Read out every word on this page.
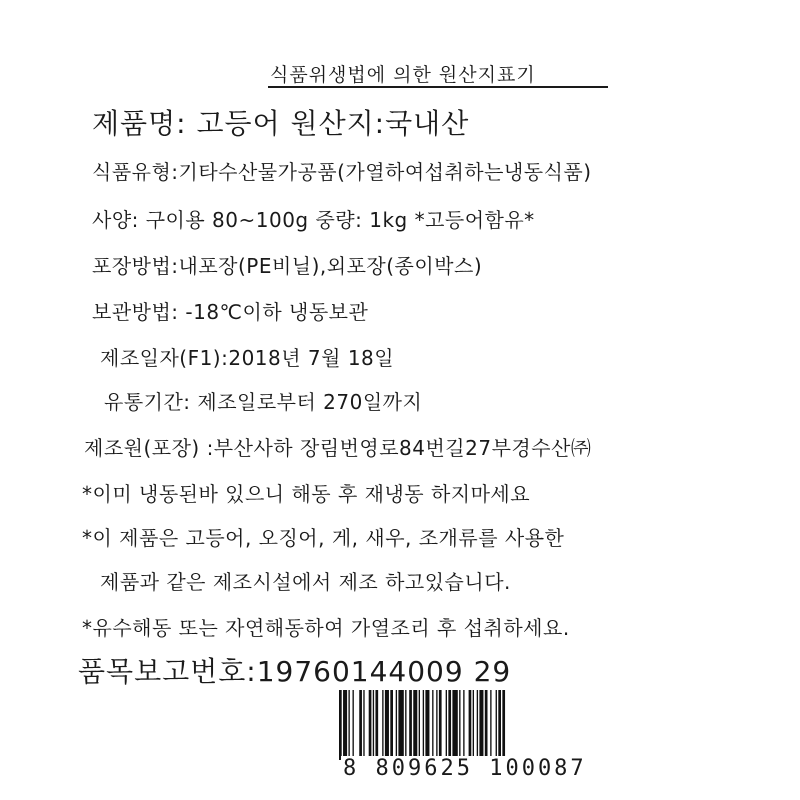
식품위생법에 의한 원산지표기
제품명: 고등어 원산지:국내산
식품유형:기타수산물가공품(가열하여섭취하는냉동식품)
사양: 구이용 80~100g 중량: 1kg *고등어함유*
포장방법:내포장(PE비닐),외포장(종이박스)
보관방법: -18℃이하 냉동보관
제조일자(F1):2018년 7월 18일
유통기간: 제조일로부터 270일까지
제조원(포장) :부산사하 장림번영로84번길27부경수산㈜
*이미 냉동된바 있으니 해동 후 재냉동 하지마세요
*이 제품은 고등어, 오징어, 게, 새우, 조개류를 사용한
제품과 같은 제조시설에서 제조 하고있습니다.
*유수해동 또는 자연해동하여 가열조리 후 섭취하세요.
품목보고번호:19760144009 29
8 809625 100087
